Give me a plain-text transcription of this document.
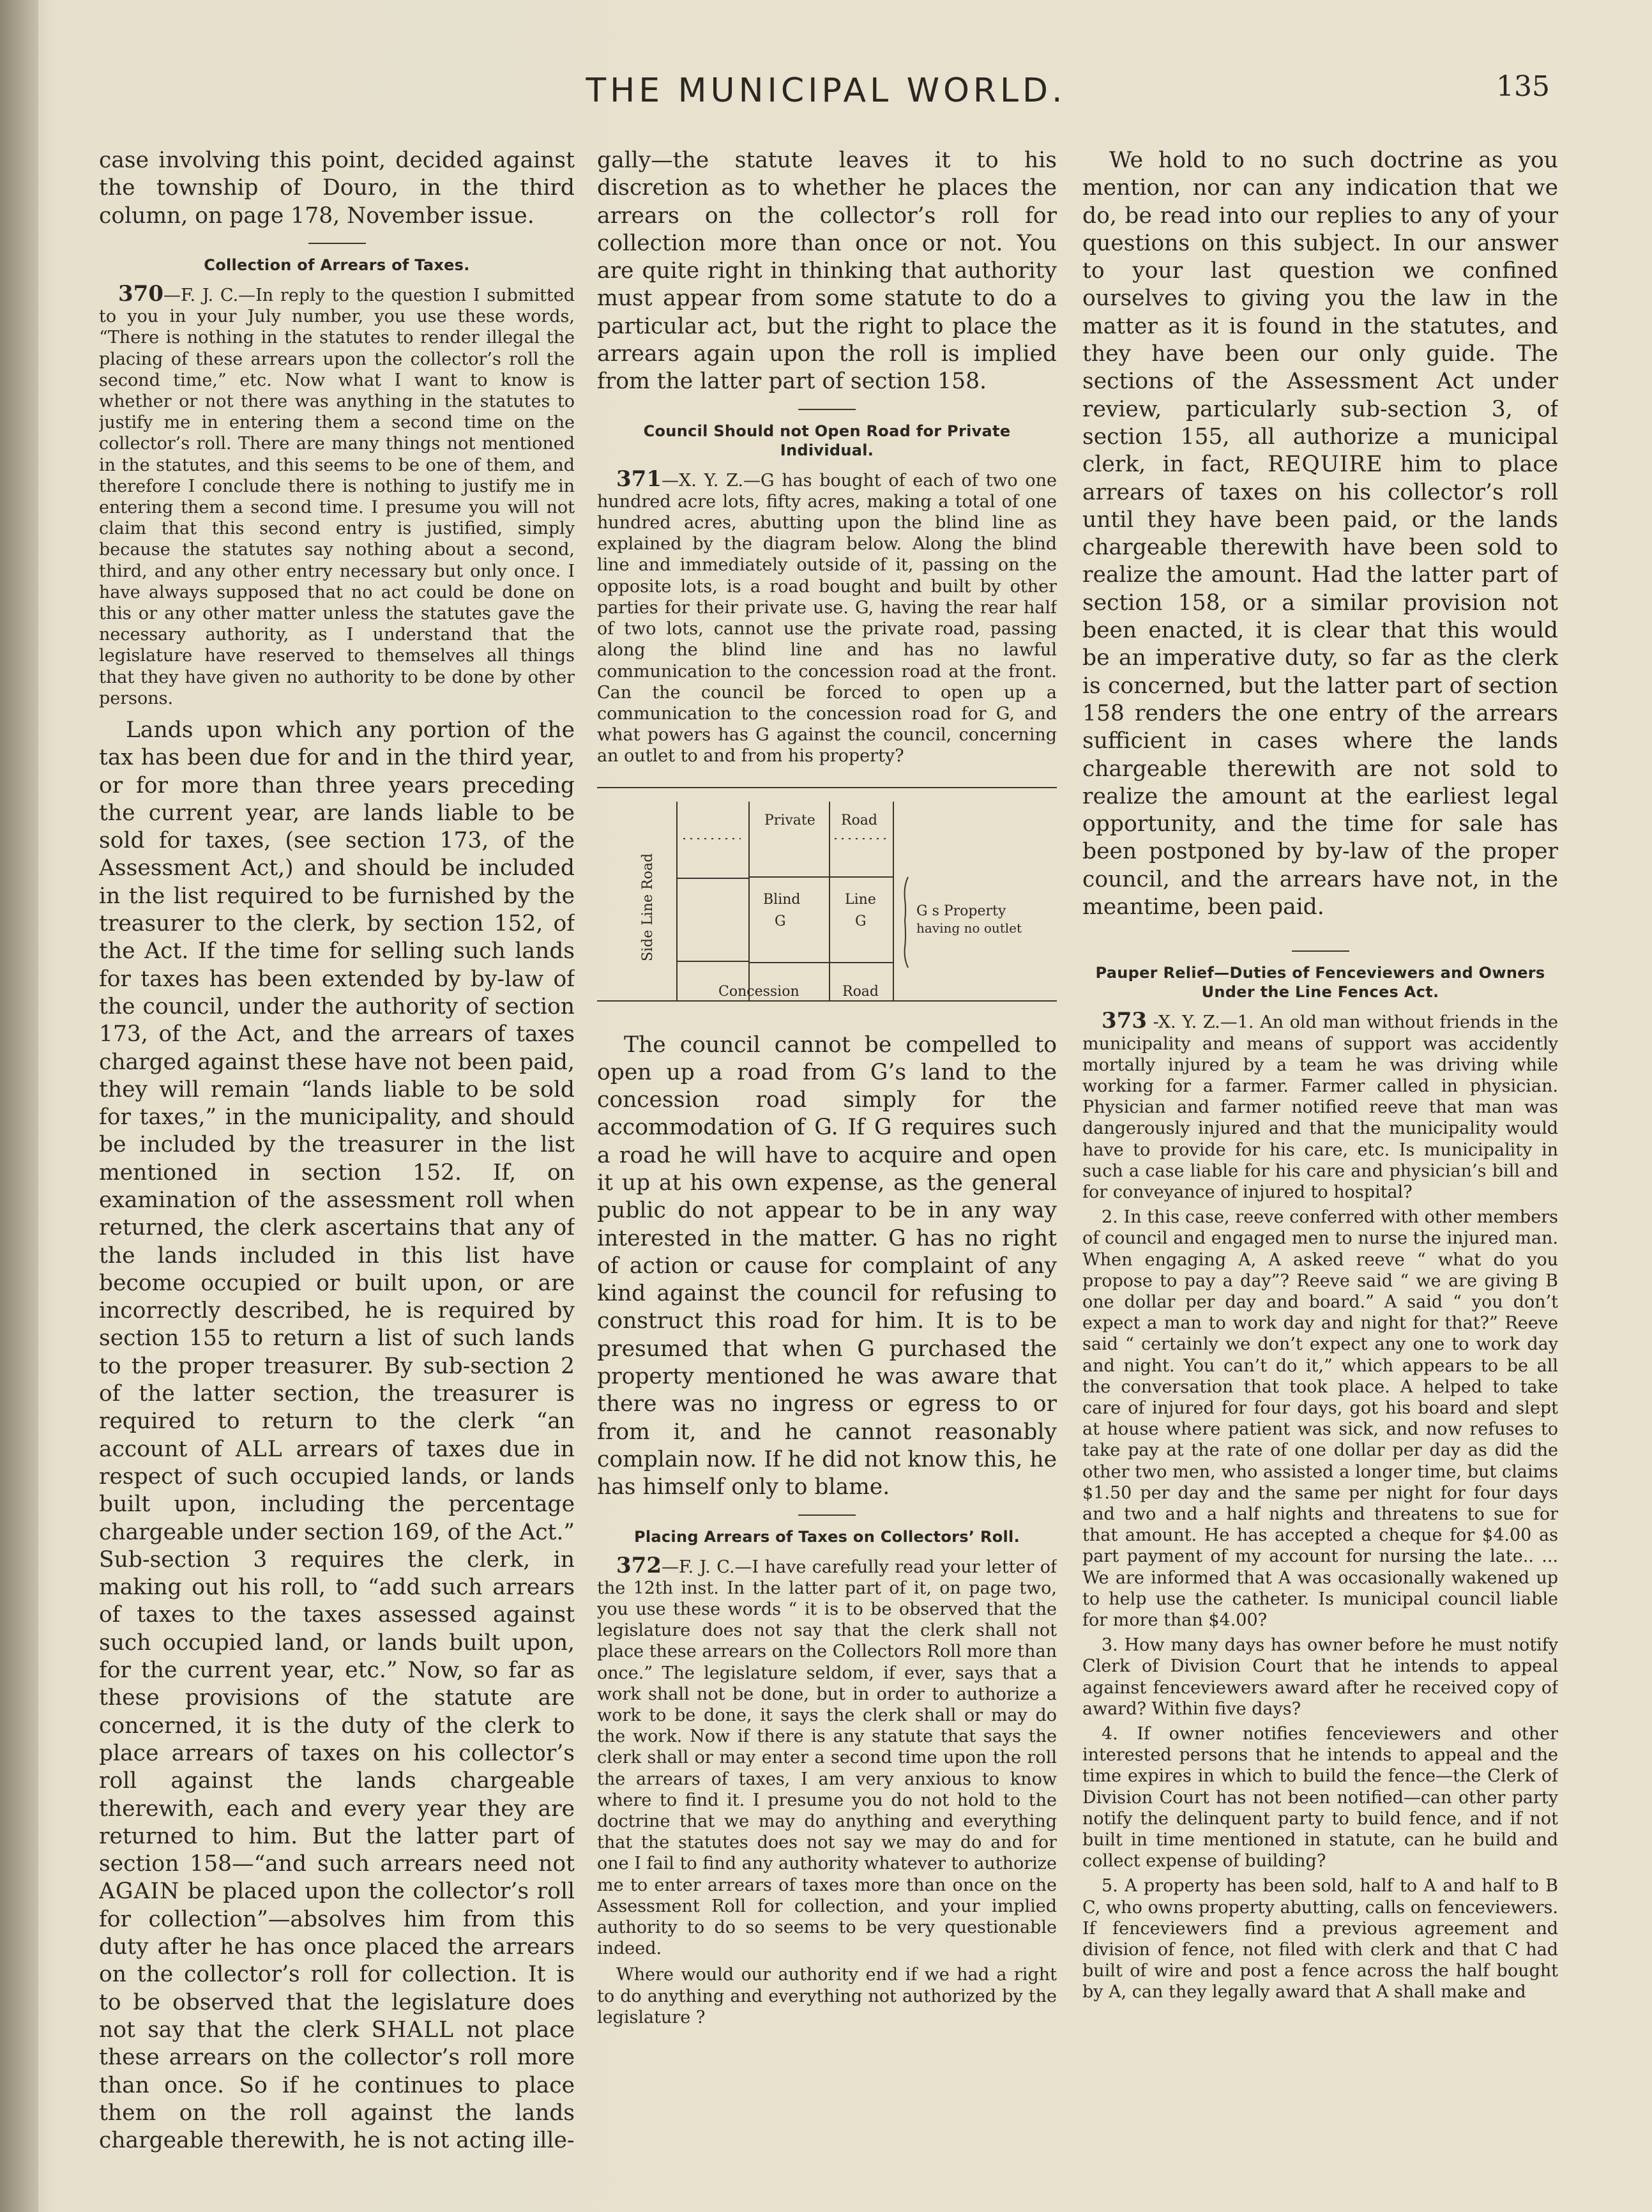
THE MUNICIPAL WORLD.	135

case involving this point, decided against the township of Douro, in the third column, on page 178, November issue.

Collection of Arrears of Taxes.

370—F. J. C.—In reply to the question I submitted to you in your July number, you use these words, “There is nothing in the statutes to render illegal the placing of these arrears upon the collector’s roll the second time,” etc. Now what I want to know is whether or not there was anything in the statutes to justify me in entering them a second time on the collector’s roll. There are many things not mentioned in the statutes, and this seems to be one of them, and therefore I conclude there is nothing to justify me in entering them a second time. I presume you will not claim that this second entry is justified, simply because the statutes say nothing about a second, third, and any other entry necessary but only once. I have always supposed that no act could be done on this or any other matter unless the statutes gave the necessary authority, as I understand that the legislature have reserved to themselves all things that they have given no authority to be done by other persons.

Lands upon which any portion of the tax has been due for and in the third year, or for more than three years preceding the current year, are lands liable to be sold for taxes, (see section 173, of the Assessment Act,) and should be included in the list required to be furnished by the treasurer to the clerk, by section 152, of the Act. If the time for selling such lands for taxes has been extended by by-law of the council, under the authority of section 173, of the Act, and the arrears of taxes charged against these have not been paid, they will remain “lands liable to be sold for taxes,” in the municipality, and should be included by the treasurer in the list mentioned in section 152. If, on examination of the assessment roll when returned, the clerk ascertains that any of the lands included in this list have become occupied or built upon, or are incorrectly described, he is required by section 155 to return a list of such lands to the proper treasurer. By sub-section 2 of the latter section, the treasurer is required to return to the clerk “an account of ALL arrears of taxes due in respect of such occupied lands, or lands built upon, including the percentage chargeable under section 169, of the Act.” Sub-section 3 requires the clerk, in making out his roll, to “add such arrears of taxes to the taxes assessed against such occupied land, or lands built upon, for the current year, etc.” Now, so far as these provisions of the statute are concerned, it is the duty of the clerk to place arrears of taxes on his collector’s roll against the lands chargeable therewith, each and every year they are returned to him. But the latter part of section 158—“and such arrears need not AGAIN be placed upon the collector’s roll for collection”—absolves him from this duty after he has once placed the arrears on the collector’s roll for collection. It is to be observed that the legislature does not say that the clerk SHALL not place these arrears on the collector’s roll more than once. So if he continues to place them on the roll against the lands chargeable therewith, he is not acting ille-

gally—the statute leaves it to his discretion as to whether he places the arrears on the collector’s roll for collection more than once or not. You are quite right in thinking that authority must appear from some statute to do a particular act, but the right to place the arrears again upon the roll is implied from the latter part of section 158.

Council Should not Open Road for Private Individual.

371—X. Y. Z.—G has bought of each of two one hundred acre lots, fifty acres, making a total of one hundred acres, abutting upon the blind line as explained by the diagram below. Along the blind line and immediately outside of it, passing on the opposite lots, is a road bought and built by other parties for their private use. G, having the rear half of two lots, cannot use the private road, passing along the blind line and has no lawful communication to the concession road at the front. Can the council be forced to open up a communication to the concession road for G, and what powers has G against the council, concerning an outlet to and from his property?

Side Line Road
Private Road
Blind
G
Line
G
G s Property
having no outlet
Concession	Road

The council cannot be compelled to open up a road from G’s land to the concession road simply for the accommodation of G. If G requires such a road he will have to acquire and open it up at his own expense, as the general public do not appear to be in any way interested in the matter. G has no right of action or cause for complaint of any kind against the council for refusing to construct this road for him. It is to be presumed that when G purchased the property mentioned he was aware that there was no ingress or egress to or from it, and he cannot reasonably complain now. If he did not know this, he has himself only to blame.

Placing Arrears of Taxes on Collectors’ Roll.

372—F. J. C.—I have carefully read your letter of the 12th inst. In the latter part of it, on page two, you use these words “ it is to be observed that the legislature does not say that the clerk shall not place these arrears on the Collectors Roll more than once.” The legislature seldom, if ever, says that a work shall not be done, but in order to authorize a work to be done, it says the clerk shall or may do the work. Now if there is any statute that says the clerk shall or may enter a second time upon the roll the arrears of taxes, I am very anxious to know where to find it. I presume you do not hold to the doctrine that we may do anything and everything that the statutes does not say we may do and for one I fail to find any authority whatever to authorize me to enter arrears of taxes more than once on the Assessment Roll for collection, and your implied authority to do so seems to be very questionable indeed.

Where would our authority end if we had a right to do anything and everything not authorized by the legislature ?

We hold to no such doctrine as you mention, nor can any indication that we do, be read into our replies to any of your questions on this subject. In our answer to your last question we confined ourselves to giving you the law in the matter as it is found in the statutes, and they have been our only guide. The sections of the Assessment Act under review, particularly sub-section 3, of section 155, all authorize a municipal clerk, in fact, REQUIRE him to place arrears of taxes on his collector’s roll until they have been paid, or the lands chargeable therewith have been sold to realize the amount. Had the latter part of section 158, or a similar provision not been enacted, it is clear that this would be an imperative duty, so far as the clerk is concerned, but the latter part of section 158 renders the one entry of the arrears sufficient in cases where the lands chargeable therewith are not sold to realize the amount at the earliest legal opportunity, and the time for sale has been postponed by by-law of the proper council, and the arrears have not, in the meantime, been paid.

Pauper Relief—Duties of Fenceviewers and Owners Under the Line Fences Act.

373 -X. Y. Z.—1. An old man without friends in the municipality and means of support was accidently mortally injured by a team he was driving while working for a farmer. Farmer called in physician. Physician and farmer notified reeve that man was dangerously injured and that the municipality would have to provide for his care, etc. Is municipality in such a case liable for his care and physician’s bill and for conveyance of injured to hospital?

2. In this case, reeve conferred with other members of council and engaged men to nurse the injured man. When engaging A, A asked reeve “ what do you propose to pay a day”? Reeve said “ we are giving B one dollar per day and board.” A said “ you don’t expect a man to work day and night for that?” Reeve said “ certainly we don’t expect any one to work day and night. You can’t do it,” which appears to be all the conversation that took place. A helped to take care of injured for four days, got his board and slept at house where patient was sick, and now refuses to take pay at the rate of one dollar per day as did the other two men, who assisted a longer time, but claims $1.50 per day and the same per night for four days and two and a half nights and threatens to sue for that amount. He has accepted a cheque for $4.00 as part payment of my account for nursing the late.. ... We are informed that A was occasionally wakened up to help use the catheter. Is municipal council liable for more than $4.00?

3. How many days has owner before he must notify Clerk of Division Court that he intends to appeal against fenceviewers award after he received copy of award? Within five days?

4. If owner notifies fenceviewers and other interested persons that he intends to appeal and the time expires in which to build the fence—the Clerk of Division Court has not been notified—can other party notify the delinquent party to build fence, and if not built in time mentioned in statute, can he build and collect expense of building?

5. A property has been sold, half to A and half to B C, who owns property abutting, calls on fenceviewers. If fenceviewers find a previous agreement and division of fence, not filed with clerk and that C had built of wire and post a fence across the half bought by A, can they legally award that A shall make and
